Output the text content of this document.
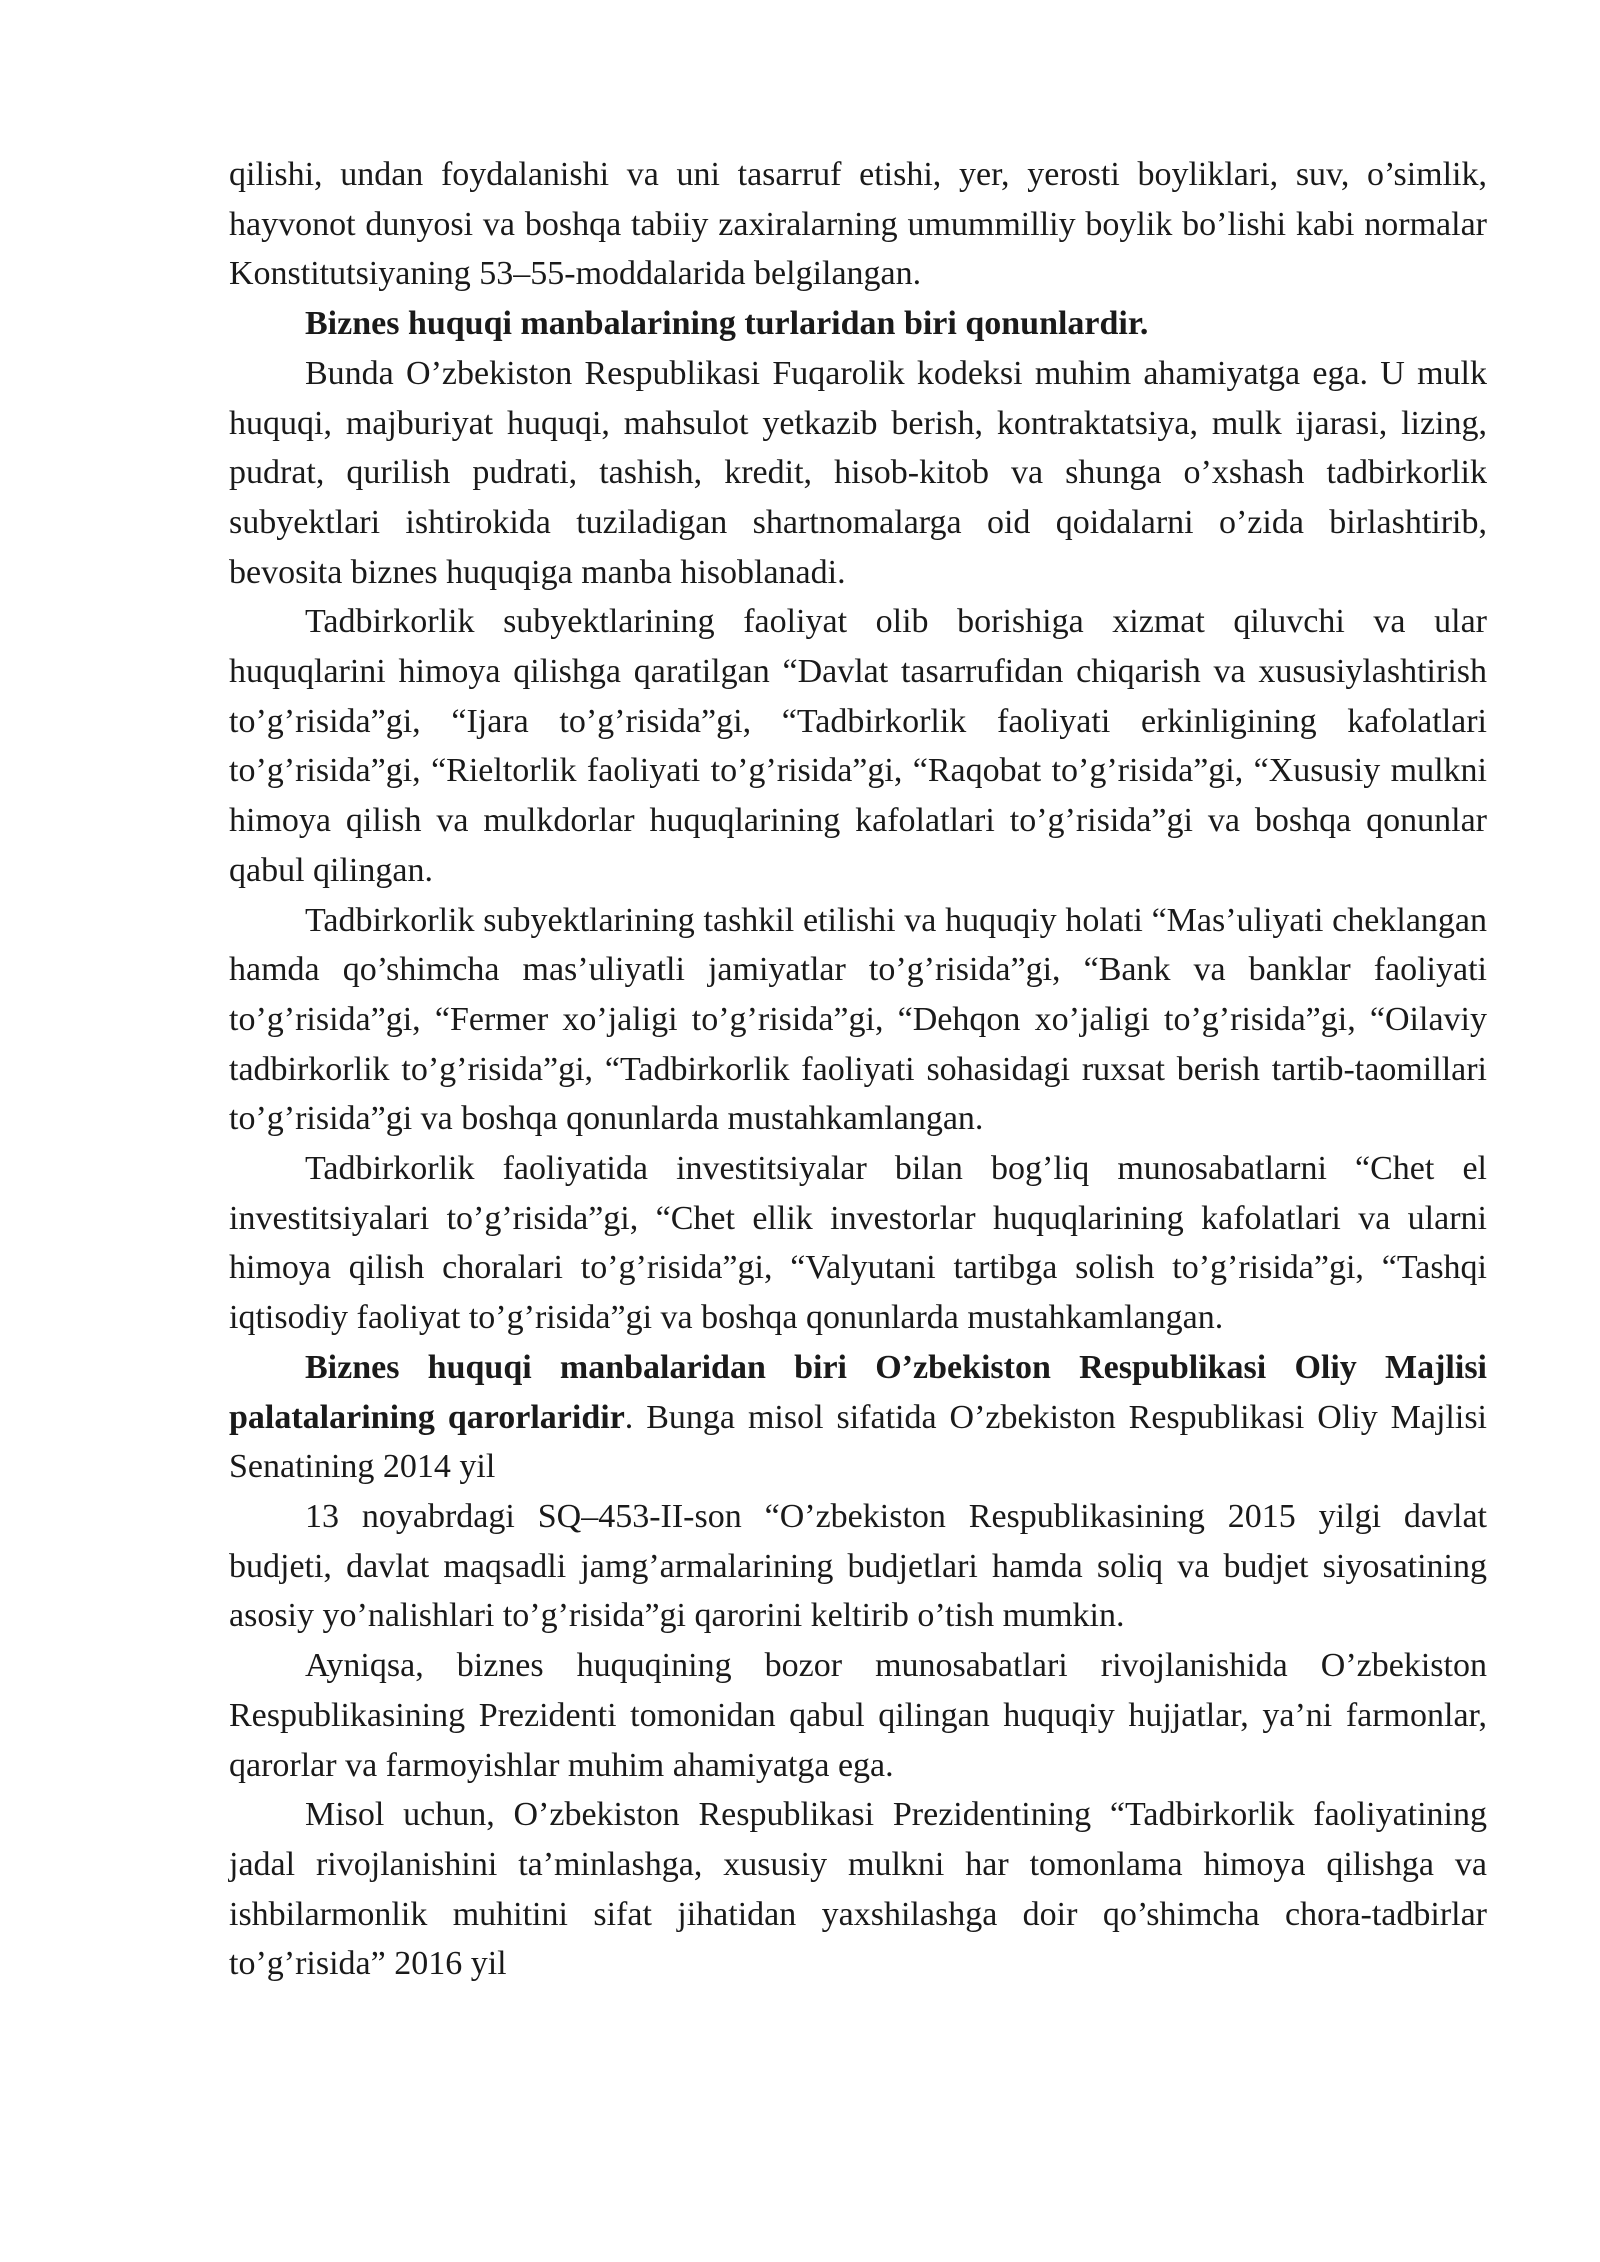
qilishi, undan foydalanishi va uni tasarruf etishi, yer, yerosti boyliklari, suv, o’simlik, hayvonot dunyosi va boshqa tabiiy zaxiralarning umummilliy boylik bo’lishi kabi normalar Konstitutsiyaning 53–55-moddalarida belgilangan.

Biznes huquqi manbalarining turlaridan biri qonunlardir.

Bunda O’zbekiston Respublikasi Fuqarolik kodeksi muhim ahamiyatga ega. U mulk huquqi, majburiyat huquqi, mahsulot yetkazib berish, kontraktatsiya, mulk ijarasi, lizing, pudrat, qurilish pudrati, tashish, kredit, hisob-kitob va shunga o’xshash tadbirkorlik subyektlari ishtirokida tuziladigan shartnomalarga oid qoidalarni o’zida birlashtirib, bevosita biznes huquqiga manba hisoblanadi.

Tadbirkorlik subyektlarining faoliyat olib borishiga xizmat qiluvchi va ular huquqlarini himoya qilishga qaratilgan “Davlat tasarrufidan chiqarish va xususiylashtirish to’g’risida”gi, “Ijara to’g’risida”gi, “Tadbirkorlik faoliyati erkinligining kafolatlari to’g’risida”gi, “Rieltorlik faoliyati to’g’risida”gi, “Raqobat to’g’risida”gi, “Xususiy mulkni himoya qilish va mulkdorlar huquqlarining kafolatlari to’g’risida”gi va boshqa qonunlar qabul qilingan.

Tadbirkorlik subyektlarining tashkil etilishi va huquqiy holati “Mas’uliyati cheklangan hamda qo’shimcha mas’uliyatli jamiyatlar to’g’risida”gi, “Bank va banklar faoliyati to’g’risida”gi, “Fermer xo’jaligi to’g’risida”gi, “Dehqon xo’jaligi to’g’risida”gi, “Oilaviy tadbirkorlik to’g’risida”gi, “Tadbirkorlik faoliyati sohasidagi ruxsat berish tartib-taomillari to’g’risida”gi va boshqa qonunlarda mustahkamlangan.

Tadbirkorlik faoliyatida investitsiyalar bilan bog’liq munosabatlarni “Chet el investitsiyalari to’g’risida”gi, “Chet ellik investorlar huquqlarining kafolatlari va ularni himoya qilish choralari to’g’risida”gi, “Valyutani tartibga solish to’g’risida”gi, “Tashqi iqtisodiy faoliyat to’g’risida”gi va boshqa qonunlarda mustahkamlangan.

Biznes huquqi manbalaridan biri O’zbekiston Respublikasi Oliy Majlisi palatalarining qarorlaridir. Bunga misol sifatida O’zbekiston Respublikasi Oliy Majlisi Senatining 2014 yil

13 noyabrdagi SQ–453-II-son “O’zbekiston Respublikasining 2015 yilgi davlat budjeti, davlat maqsadli jamg’armalarining budjetlari hamda soliq va budjet siyosatining asosiy yo’nalishlari to’g’risida”gi qarorini keltirib o’tish mumkin.

Ayniqsa, biznes huquqining bozor munosabatlari rivojlanishida O’zbekiston Respublikasining Prezidenti tomonidan qabul qilingan huquqiy hujjatlar, ya’ni farmonlar, qarorlar va farmoyishlar muhim ahamiyatga ega.

Misol uchun, O’zbekiston Respublikasi Prezidentining “Tadbirkorlik faoliyatining jadal rivojlanishini ta’minlashga, xususiy mulkni har tomonlama himoya qilishga va ishbilarmonlik muhitini sifat jihatidan yaxshilashga doir qo’shimcha chora-tadbirlar to’g’risida” 2016 yil
